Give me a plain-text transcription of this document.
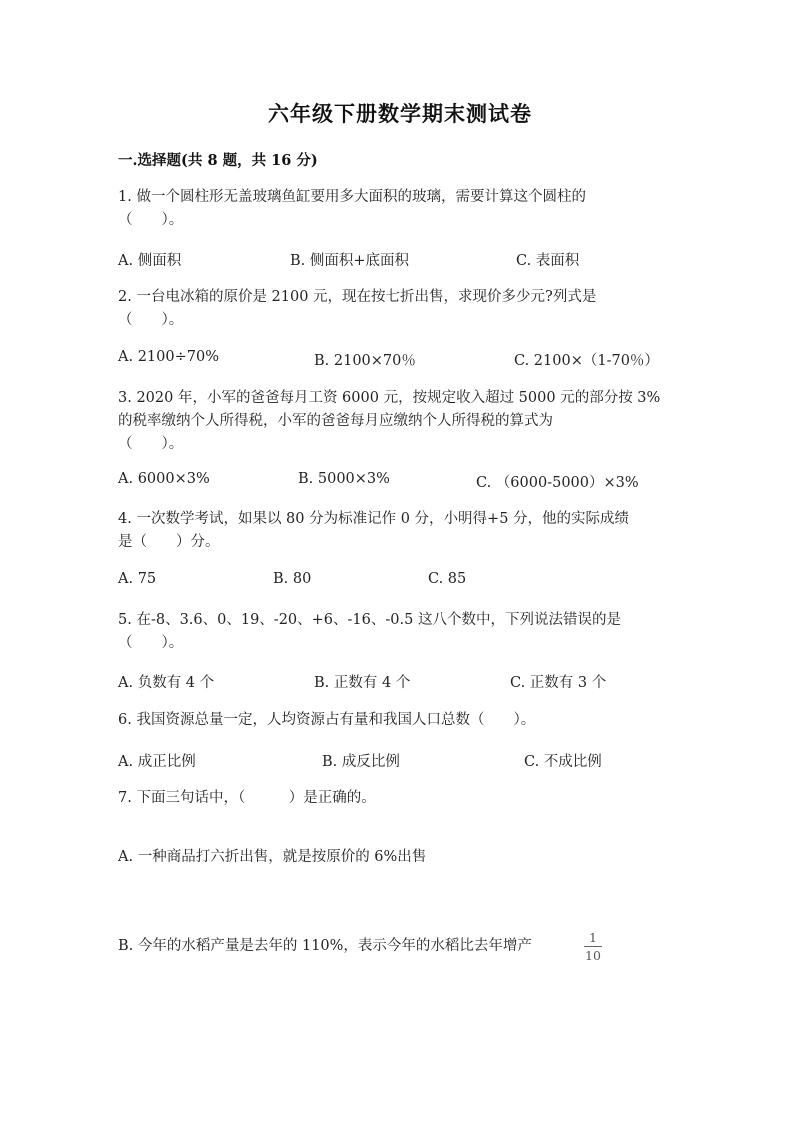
六年级下册数学期末测试卷
一.选择题(共 8 题，共 16 分)
1. 做一个圆柱形无盖玻璃鱼缸要用多大面积的玻璃，需要计算这个圆柱的
（　　）。
A. 侧面积	B. 侧面积+底面积	C. 表面积
2. 一台电冰箱的原价是 2100 元，现在按七折出售，求现价多少元?列式是
（　　）。
A. 2100÷70%	B. 2100×70％	C. 2100×（1-70％）
3. 2020 年，小军的爸爸每月工资 6000 元，按规定收入超过 5000 元的部分按 3%
的税率缴纳个人所得税，小军的爸爸每月应缴纳个人所得税的算式为
（　　）。
A. 6000×3%	B. 5000×3%	C. （6000-5000）×3%
4. 一次数学考试，如果以 80 分为标准记作 0 分，小明得+5 分，他的实际成绩
是（　　）分。
A. 75	B. 80	C. 85
5. 在-8、3.6、0、19、-20、+6、-16、-0.5 这八个数中，下列说法错误的是
（　　）。
A. 负数有 4 个	B. 正数有 4 个	C. 正数有 3 个
6. 我国资源总量一定，人均资源占有量和我国人口总数（　　）。
A. 成正比例	B. 成反比例	C. 不成比例
7. 下面三句话中，（　　　）是正确的。
A. 一种商品打六折出售，就是按原价的 6%出售
B. 今年的水稻产量是去年的 110%，表示今年的水稻比去年增产	$\frac{1}{10}$
